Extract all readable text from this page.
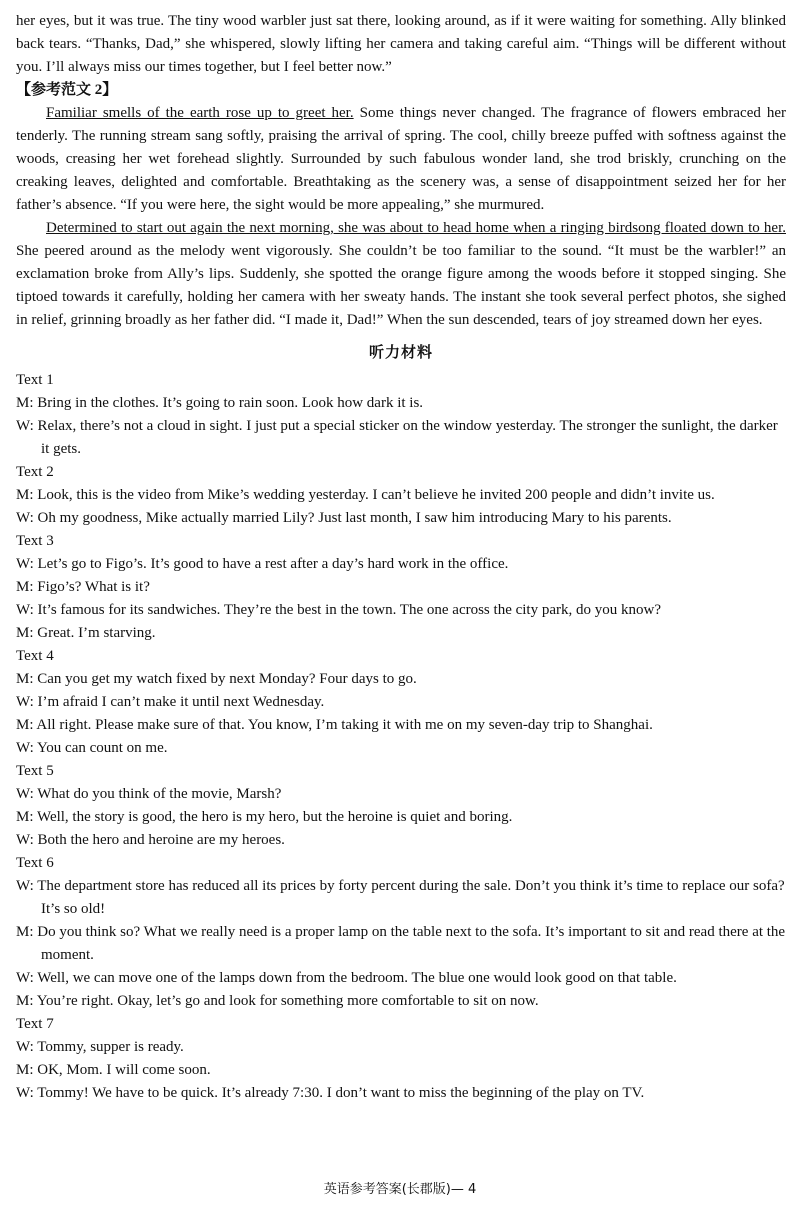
her eyes, but it was true. The tiny wood warbler just sat there, looking around, as if it were waiting for something. Ally blinked back tears. “Thanks, Dad,” she whispered, slowly lifting her camera and taking careful aim. “Things will be different without you. I’ll always miss our times together, but I feel better now.”

【参考范文 2】

Familiar smells of the earth rose up to greet her. Some things never changed. The fragrance of flowers embraced her tenderly. The running stream sang softly, praising the arrival of spring. The cool, chilly breeze puffed with softness against the woods, creasing her wet forehead slightly. Surrounded by such fabulous wonder land, she trod briskly, crunching on the creaking leaves, delighted and comfortable. Breathtaking as the scenery was, a sense of disappointment seized her for her father’s absence. “If you were here, the sight would be more appealing,” she murmured.

Determined to start out again the next morning, she was about to head home when a ringing birdsong floated down to her. She peered around as the melody went vigorously. She couldn’t be too familiar to the sound. “It must be the warbler!” an exclamation broke from Ally’s lips. Suddenly, she spotted the orange figure among the woods before it stopped singing. She tiptoed towards it carefully, holding her camera with her sweaty hands. The instant she took several perfect photos, she sighed in relief, grinning broadly as her father did. “I made it, Dad!” When the sun descended, tears of joy streamed down her eyes.

听力材料

Text 1

M: Bring in the clothes. It’s going to rain soon. Look how dark it is.

W: Relax, there’s not a cloud in sight. I just put a special sticker on the window yesterday. The stronger the sunlight, the darker it gets.

Text 2

M: Look, this is the video from Mike’s wedding yesterday. I can’t believe he invited 200 people and didn’t invite us.

W: Oh my goodness, Mike actually married Lily? Just last month, I saw him introducing Mary to his parents.

Text 3

W: Let’s go to Figo’s. It’s good to have a rest after a day’s hard work in the office.

M: Figo’s? What is it?

W: It’s famous for its sandwiches. They’re the best in the town. The one across the city park, do you know?

M: Great. I’m starving.

Text 4

M: Can you get my watch fixed by next Monday? Four days to go.

W: I’m afraid I can’t make it until next Wednesday.

M: All right. Please make sure of that. You know, I’m taking it with me on my seven-day trip to Shanghai.

W: You can count on me.

Text 5

W: What do you think of the movie, Marsh?

M: Well, the story is good, the hero is my hero, but the heroine is quiet and boring.

W: Both the hero and heroine are my heroes.

Text 6

W: The department store has reduced all its prices by forty percent during the sale. Don’t you think it’s time to replace our sofa? It’s so old!

M: Do you think so? What we really need is a proper lamp on the table next to the sofa. It’s important to sit and read there at the moment.

W: Well, we can move one of the lamps down from the bedroom. The blue one would look good on that table.

M: You’re right. Okay, let’s go and look for something more comfortable to sit on now.

Text 7

W: Tommy, supper is ready.

M: OK, Mom. I will come soon.

W: Tommy! We have to be quick. It’s already 7:30. I don’t want to miss the beginning of the play on TV.

英语参考答案(长郡版)— 4
